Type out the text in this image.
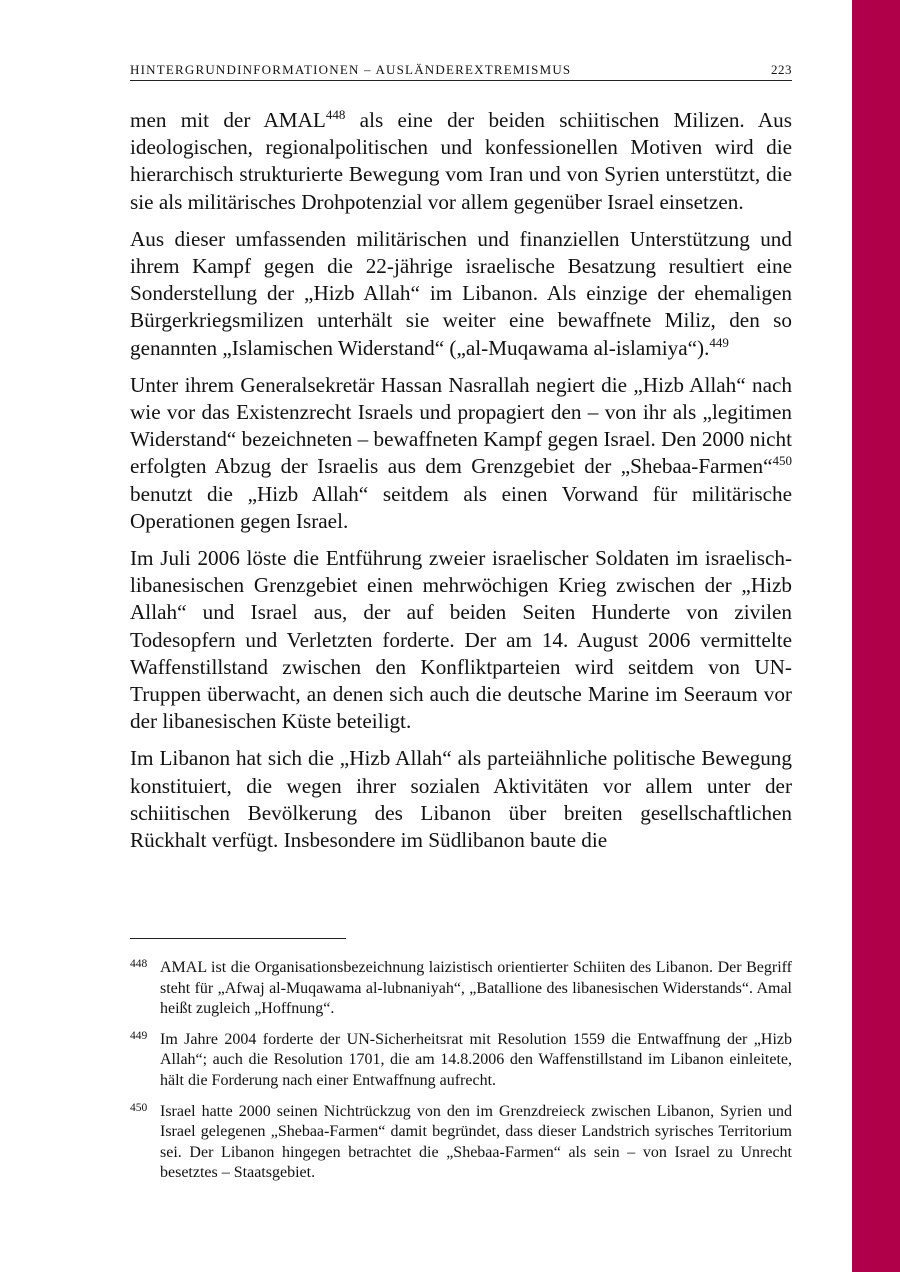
HINTERGRUNDINFORMATIONEN – AUSLÄNDEREXTREMISMUS	223

men mit der AMAL$^{448}$ als eine der beiden schiitischen Milizen. Aus ideologischen, regionalpolitischen und konfessionellen Motiven wird die hierarchisch strukturierte Bewegung vom Iran und von Syrien unterstützt, die sie als militärisches Drohpotenzial vor allem gegenüber Israel einsetzen.

Aus dieser umfassenden militärischen und finanziellen Unterstützung und ihrem Kampf gegen die 22-jährige israelische Besatzung resultiert eine Sonderstellung der „Hizb Allah“ im Libanon. Als einzige der ehemaligen Bürgerkriegsmilizen unterhält sie weiter eine bewaffnete Miliz, den so genannten „Islamischen Widerstand“ („al-Muqawama al-islamiya“).$^{449}$

Unter ihrem Generalsekretär Hassan Nasrallah negiert die „Hizb Allah“ nach wie vor das Existenzrecht Israels und propagiert den – von ihr als „legitimen Widerstand“ bezeichneten – bewaffneten Kampf gegen Israel. Den 2000 nicht erfolgten Abzug der Israelis aus dem Grenzgebiet der „Shebaa-Farmen“$^{450}$ benutzt die „Hizb Allah“ seitdem als einen Vorwand für militärische Operationen gegen Israel.

Im Juli 2006 löste die Entführung zweier israelischer Soldaten im israelisch-libanesischen Grenzgebiet einen mehrwöchigen Krieg zwischen der „Hizb Allah“ und Israel aus, der auf beiden Seiten Hunderte von zivilen Todesopfern und Verletzten forderte. Der am 14. August 2006 vermittelte Waffenstillstand zwischen den Konfliktparteien wird seitdem von UN-Truppen überwacht, an denen sich auch die deutsche Marine im Seeraum vor der libanesischen Küste beteiligt.

Im Libanon hat sich die „Hizb Allah“ als parteiähnliche politische Bewegung konstituiert, die wegen ihrer sozialen Aktivitäten vor allem unter der schiitischen Bevölkerung des Libanon über breiten gesellschaftlichen Rückhalt verfügt. Insbesondere im Südlibanon baute die

448 AMAL ist die Organisationsbezeichnung laizistisch orientierter Schiiten des Libanon. Der Begriff steht für „Afwaj al-Muqawama al-lubnaniyah“, „Batallione des libanesischen Widerstands“. Amal heißt zugleich „Hoffnung“.
449 Im Jahre 2004 forderte der UN-Sicherheitsrat mit Resolution 1559 die Entwaffnung der „Hizb Allah“; auch die Resolution 1701, die am 14.8.2006 den Waffenstillstand im Libanon einleitete, hält die Forderung nach einer Entwaffnung aufrecht.
450 Israel hatte 2000 seinen Nichtrückzug von den im Grenzdreieck zwischen Libanon, Syrien und Israel gelegenen „Shebaa-Farmen“ damit begründet, dass dieser Landstrich syrisches Territorium sei. Der Libanon hingegen betrachtet die „Shebaa-Farmen“ als sein – von Israel zu Unrecht besetztes – Staatsgebiet.
